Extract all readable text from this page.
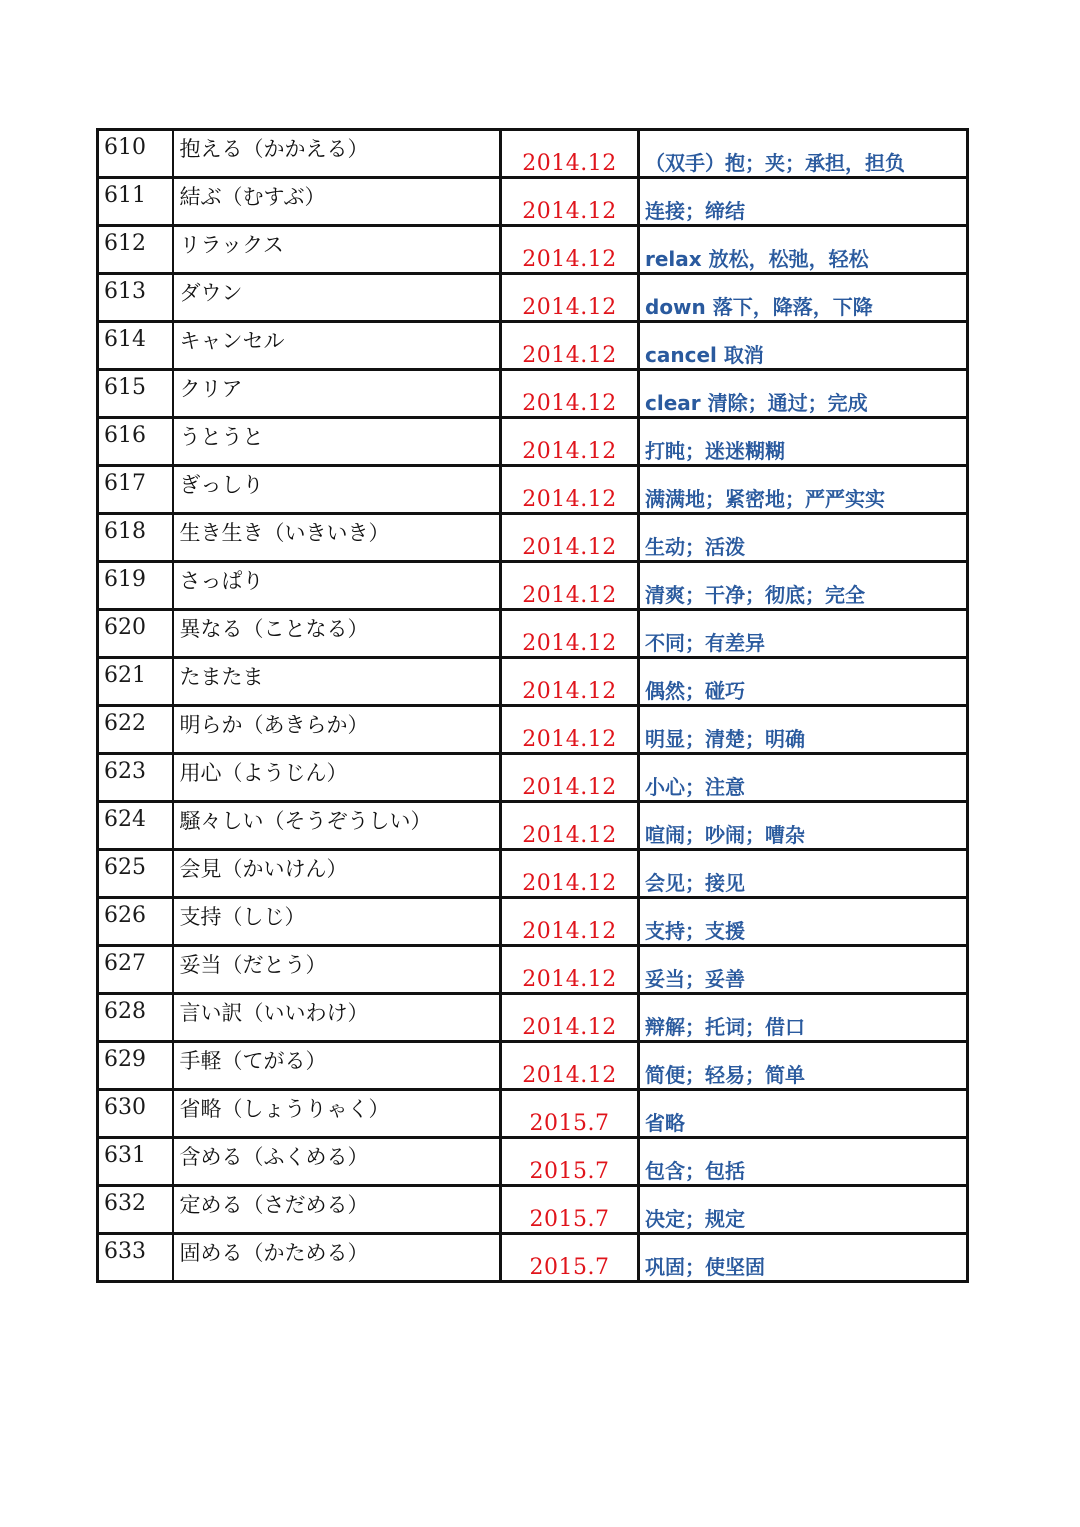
610	抱える（かかえる）	2014.12	（双手）抱；夹；承担，担负

611	結ぶ（むすぶ）	2014.12	连接；缔结

612	リラックス	2014.12	relax 放松，松弛，轻松

613	ダウン	2014.12	down 落下，降落，下降

614	キャンセル	2014.12	cancel 取消

615	クリア	2014.12	clear 清除；通过；完成

616	うとうと	2014.12	打盹；迷迷糊糊

617	ぎっしり	2014.12	满满地；紧密地；严严实实

618	生き生き（いきいき）	2014.12	生动；活泼

619	さっぱり	2014.12	清爽；干净；彻底；完全

620	異なる（ことなる）	2014.12	不同；有差异

621	たまたま	2014.12	偶然；碰巧

622	明らか（あきらか）	2014.12	明显；清楚；明确

623	用心（ようじん）	2014.12	小心；注意

624	騒々しい（そうぞうしい）	2014.12	喧闹；吵闹；嘈杂

625	会見（かいけん）	2014.12	会见；接见

626	支持（しじ）	2014.12	支持；支援

627	妥当（だとう）	2014.12	妥当；妥善

628	言い訳（いいわけ）	2014.12	辩解；托词；借口

629	手軽（てがる）	2014.12	简便；轻易；简单

630	省略（しょうりゃく）	2015.7	省略

631	含める（ふくめる）	2015.7	包含；包括

632	定める（さだめる）	2015.7	决定；规定

633	固める（かためる）	2015.7	巩固；使坚固
